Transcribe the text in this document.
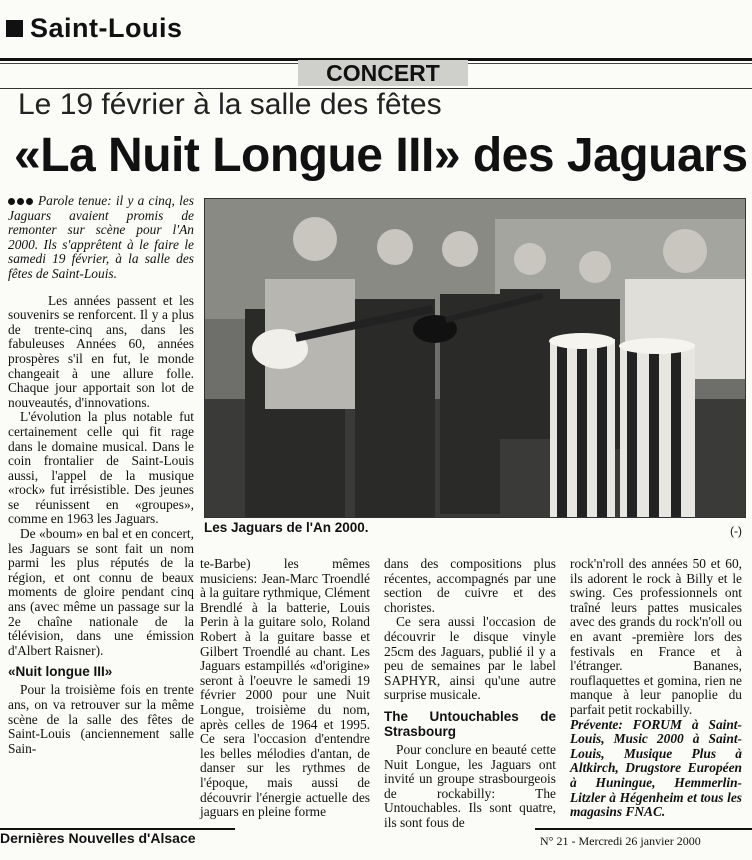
Saint-Louis
CONCERT
Le 19 février à la salle des fêtes
«La Nuit Longue III» des Jaguars

Parole tenue: il y a cinq, les Jaguars avaient promis de remonter sur scène pour l'An 2000. Ils s'apprêtent à le faire le samedi 19 février, à la salle des fêtes de Saint-Louis.

Les années passent et les souvenirs se renforcent. Il y a plus de trente-cinq ans, dans les fabuleuses Années 60, années prospères s'il en fut, le monde changeait à une allure folle. Chaque jour apportait son lot de nouveautés, d'innovations.

L'évolution la plus notable fut certainement celle qui fit rage dans le domaine musical. Dans le coin frontalier de Saint-Louis aussi, l'appel de la musique «rock» fut irrésistible. Des jeunes se réunissent en «groupes», comme en 1963 les Jaguars.

De «boum» en bal et en concert, les Jaguars se sont fait un nom parmi les plus réputés de la région, et ont connu de beaux moments de gloire pendant cinq ans (avec même un passage sur la 2e chaîne nationale de la télévision, dans une émission d'Albert Raisner).

«Nuit longue III»

Pour la troisième fois en trente ans, on va retrouver sur la même scène de la salle des fêtes de Saint-Louis (anciennement salle Sain-

Les Jaguars de l'An 2000.	(-)

te-Barbe) les mêmes musiciens: Jean-Marc Troendlé à la guitare rythmique, Clément Brendlé à la batterie, Louis Perin à la guitare solo, Roland Robert à la guitare basse et Gilbert Troendlé au chant. Les Jaguars estampillés «d'origine» seront à l'oeuvre le samedi 19 février 2000 pour une Nuit Longue, troisième du nom, après celles de 1964 et 1995. Ce sera l'occasion d'entendre les belles mélodies d'antan, de danser sur les rythmes de l'époque, mais aussi de découvrir l'énergie actuelle des jaguars en pleine forme

dans des compositions plus récentes, accompagnés par une section de cuivre et des choristes.

Ce sera aussi l'occasion de découvrir le disque vinyle 25cm des Jaguars, publié il y a peu de semaines par le label SAPHYR, ainsi qu'une autre surprise musicale.

The Untouchables de Strasbourg

Pour conclure en beauté cette Nuit Longue, les Jaguars ont invité un groupe strasbourgeois de rockabilly: The Untouchables. Ils sont quatre, ils sont fous de

rock'n'roll des années 50 et 60, ils adorent le rock à Billy et le swing. Ces professionnels ont traîné leurs pattes musicales avec des grands du rock'n'oll ou en avant -première lors des festivals en France et à l'étranger. Bananes, rouflaquettes et gomina, rien ne manque à leur panoplie du parfait petit rockabilly.

Prévente: FORUM à Saint-Louis, Music 2000 à Saint-Louis, Musique Plus à Altkirch, Drugstore Européen à Huningue, Hemmerlin-Litzler à Hégenheim et tous les magasins FNAC.

Dernières Nouvelles d'Alsace	N° 21 - Mercredi 26 janvier 2000
